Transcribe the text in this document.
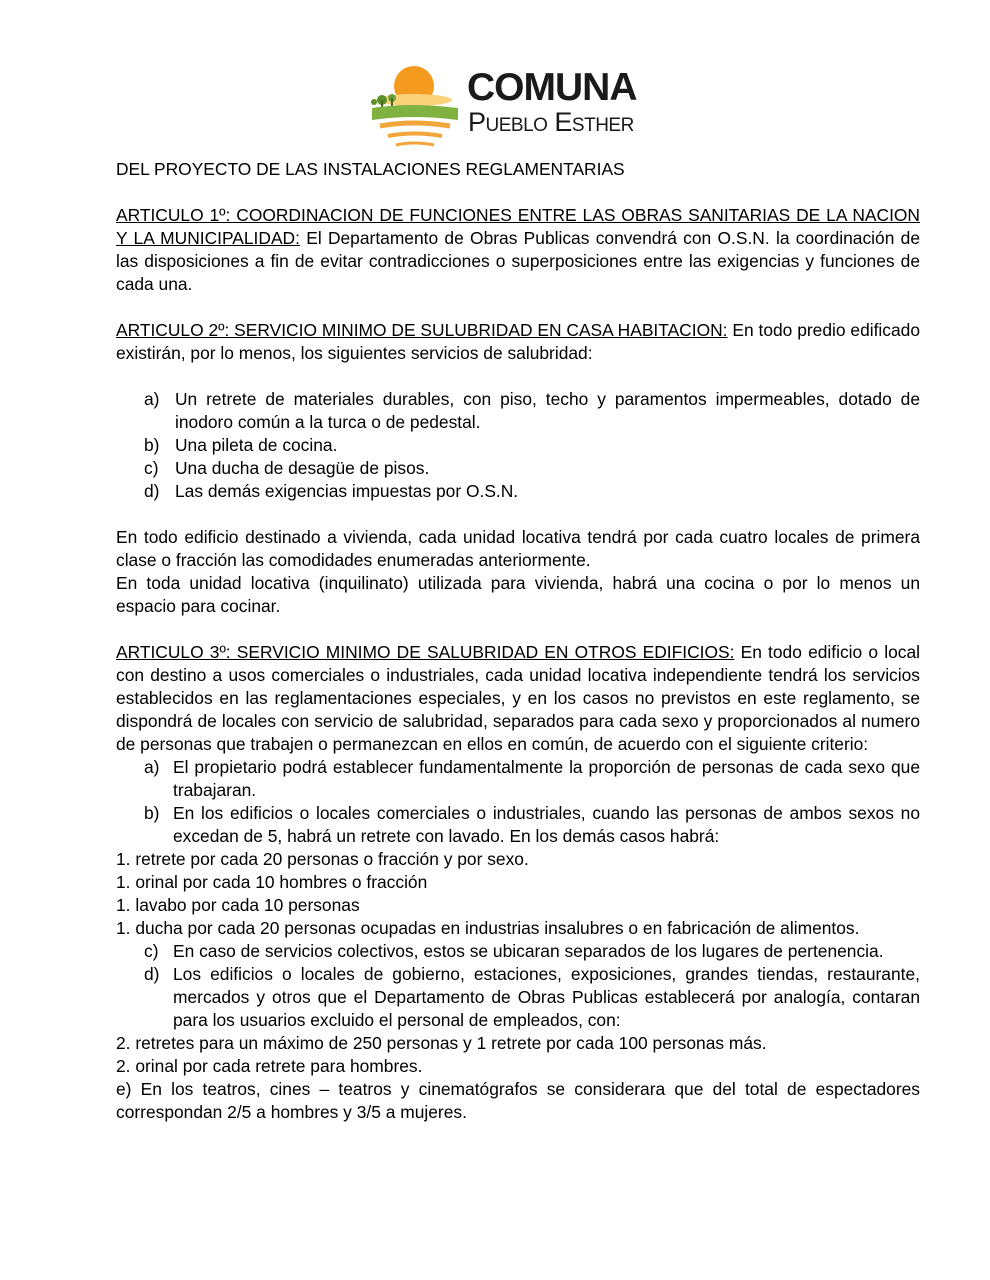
COMUNA
Pueblo Esther

DEL PROYECTO DE LAS INSTALACIONES REGLAMENTARIAS

ARTICULO 1º: COORDINACION DE FUNCIONES ENTRE LAS OBRAS SANITARIAS DE LA NACION Y LA MUNICIPALIDAD: El Departamento de Obras Publicas convendrá con O.S.N. la coordinación de las disposiciones a fin de evitar contradicciones o superposiciones entre las exigencias y funciones de cada una.

ARTICULO 2º: SERVICIO MINIMO DE SULUBRIDAD EN CASA HABITACION: En todo predio edificado existirán, por lo menos, los siguientes servicios de salubridad:

a) Un retrete de materiales durables, con piso, techo y paramentos impermeables, dotado de inodoro común a la turca o de pedestal.
b) Una pileta de cocina.
c) Una ducha de desagüe de pisos.
d) Las demás exigencias impuestas por O.S.N.

En todo edificio destinado a vivienda, cada unidad locativa tendrá por cada cuatro locales de primera clase o fracción las comodidades enumeradas anteriormente.

En toda unidad locativa (inquilinato) utilizada para vivienda, habrá una cocina o por lo menos un espacio para cocinar.

ARTICULO 3º: SERVICIO MINIMO DE SALUBRIDAD EN OTROS EDIFICIOS: En todo edificio o local con destino a usos comerciales o industriales, cada unidad locativa independiente tendrá los servicios establecidos en las reglamentaciones especiales, y en los casos no previstos en este reglamento, se dispondrá de locales con servicio de salubridad, separados para cada sexo y proporcionados al numero de personas que trabajen o permanezcan en ellos en común, de acuerdo con el siguiente criterio:

a) El propietario podrá establecer fundamentalmente la proporción de personas de cada sexo que trabajaran.
b) En los edificios o locales comerciales o industriales, cuando las personas de ambos sexos no excedan de 5, habrá un retrete con lavado. En los demás casos habrá:

1. retrete por cada 20 personas o fracción y por sexo.

1. orinal por cada 10 hombres o fracción

1. lavabo por cada 10 personas

1. ducha por cada 20 personas ocupadas en industrias insalubres o en fabricación de alimentos.

c) En caso de servicios colectivos, estos se ubicaran separados de los lugares de pertenencia.
d) Los edificios o locales de gobierno, estaciones, exposiciones, grandes tiendas, restaurante, mercados y otros que el Departamento de Obras Publicas establecerá por analogía, contaran para los usuarios excluido el personal de empleados, con:

2. retretes para un máximo de 250 personas y 1 retrete por cada 100 personas más.

2. orinal por cada retrete para hombres.

e) En los teatros, cines – teatros y cinematógrafos se considerara que del total de espectadores correspondan 2/5 a hombres y 3/5 a mujeres.
